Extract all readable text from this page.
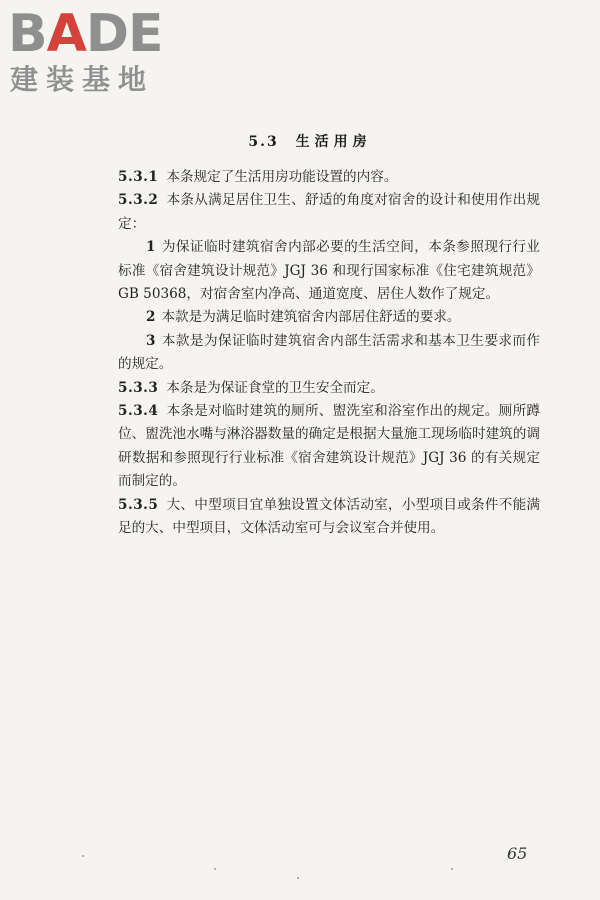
BADE
建装基地
5.3 生活用房

5.3.1 本条规定了生活用房功能设置的内容。

5.3.2 本条从满足居住卫生、舒适的角度对宿舍的设计和使用作出规定：

1 为保证临时建筑宿舍内部必要的生活空间，本条参照现行行业标准《宿舍建筑设计规范》JGJ 36 和现行国家标准《住宅建筑规范》GB 50368，对宿舍室内净高、通道宽度、居住人数作了规定。

2 本款是为满足临时建筑宿舍内部居住舒适的要求。

3 本款是为保证临时建筑宿舍内部生活需求和基本卫生要求而作的规定。

5.3.3 本条是为保证食堂的卫生安全而定。

5.3.4 本条是对临时建筑的厕所、盥洗室和浴室作出的规定。厕所蹲位、盥洗池水嘴与淋浴器数量的确定是根据大量施工现场临时建筑的调研数据和参照现行行业标准《宿舍建筑设计规范》JGJ 36 的有关规定而制定的。

5.3.5 大、中型项目宜单独设置文体活动室，小型项目或条件不能满足的大、中型项目，文体活动室可与会议室合并使用。

65
